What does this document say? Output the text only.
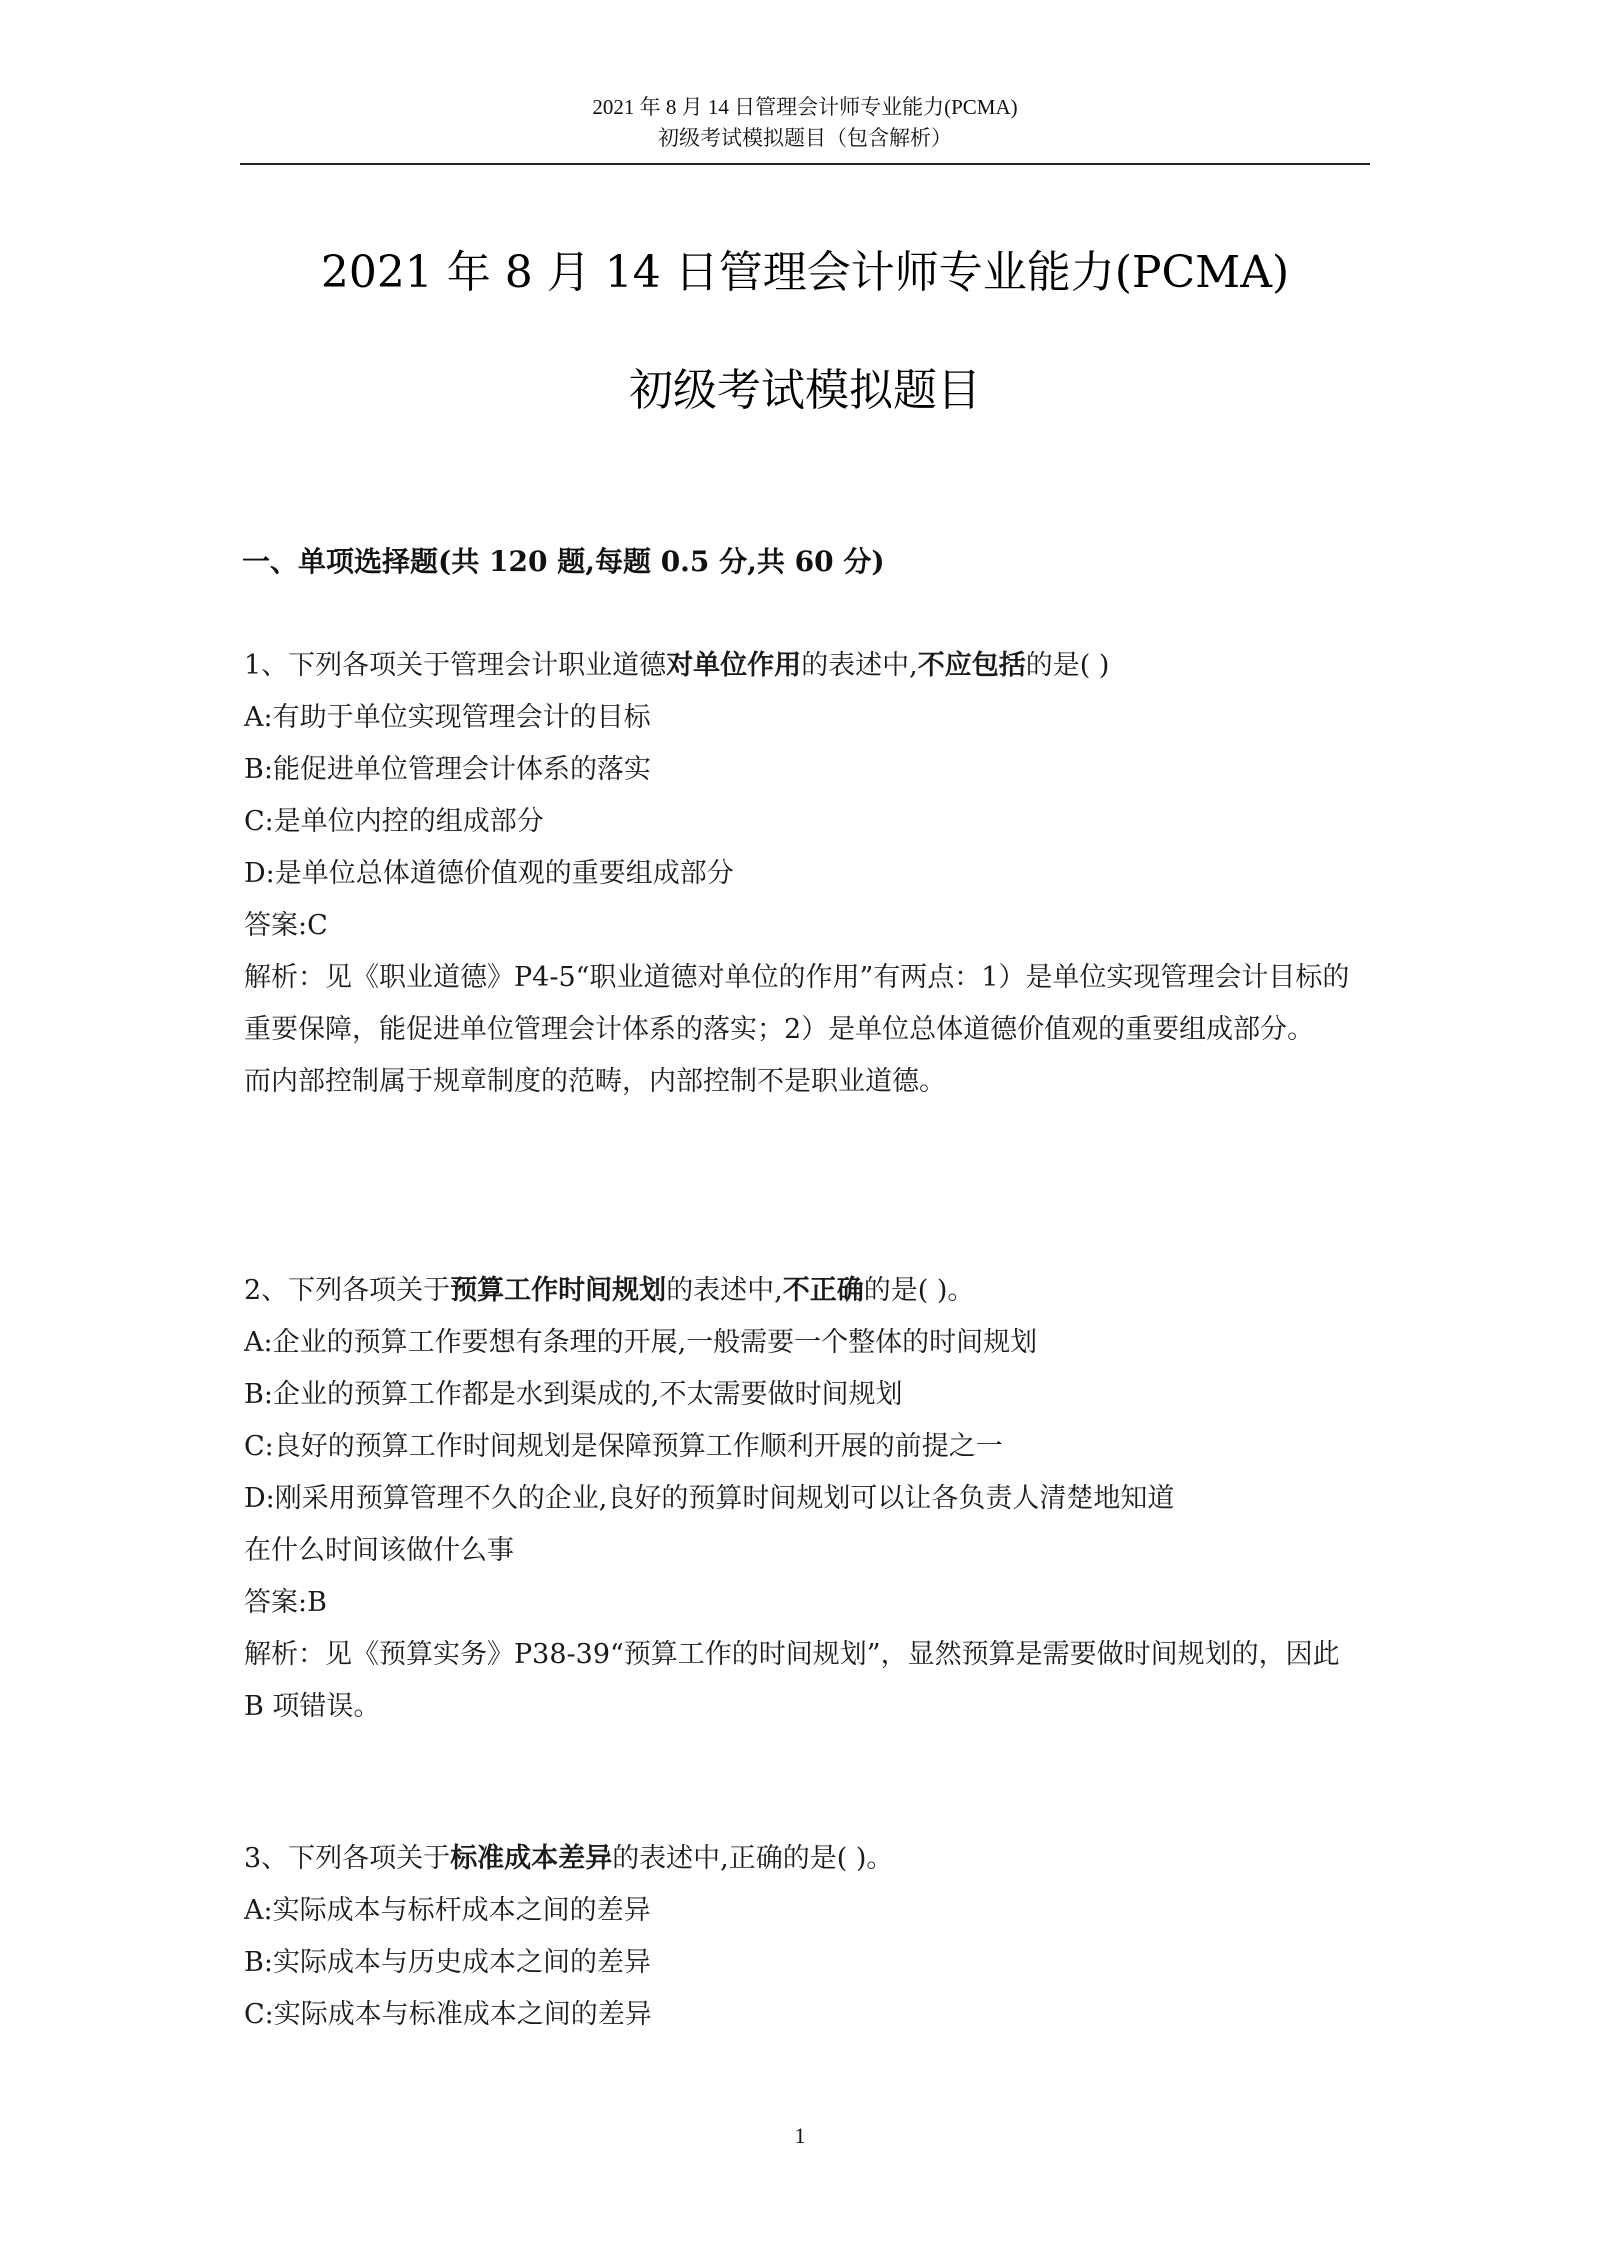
2021 年 8 月 14 日管理会计师专业能力(PCMA)
初级考试模拟题目（包含解析）
2021 年 8 月 14 日管理会计师专业能力(PCMA)
初级考试模拟题目
一、单项选择题(共 120 题,每题 0.5 分,共 60 分)
1、下列各项关于管理会计职业道德对单位作用的表述中,不应包括的是( )
A:有助于单位实现管理会计的目标
B:能促进单位管理会计体系的落实
C:是单位内控的组成部分
D:是单位总体道德价值观的重要组成部分
答案:C

解析：见《职业道德》P4-5“职业道德对单位的作用”有两点：1）是单位实现管理会计目标的重要保障，能促进单位管理会计体系的落实；2）是单位总体道德价值观的重要组成部分。

而内部控制属于规章制度的范畴，内部控制不是职业道德。

2、下列各项关于预算工作时间规划的表述中,不正确的是( )。
A:企业的预算工作要想有条理的开展,一般需要一个整体的时间规划
B:企业的预算工作都是水到渠成的,不太需要做时间规划
C:良好的预算工作时间规划是保障预算工作顺利开展的前提之一
D:刚采用预算管理不久的企业,良好的预算时间规划可以让各负责人清楚地知道
在什么时间该做什么事
答案:B

解析：见《预算实务》P38-39“预算工作的时间规划”，显然预算是需要做时间规划的，因此 B 项错误。

3、下列各项关于标准成本差异的表述中,正确的是( )。
A:实际成本与标杆成本之间的差异
B:实际成本与历史成本之间的差异
C:实际成本与标准成本之间的差异
1
